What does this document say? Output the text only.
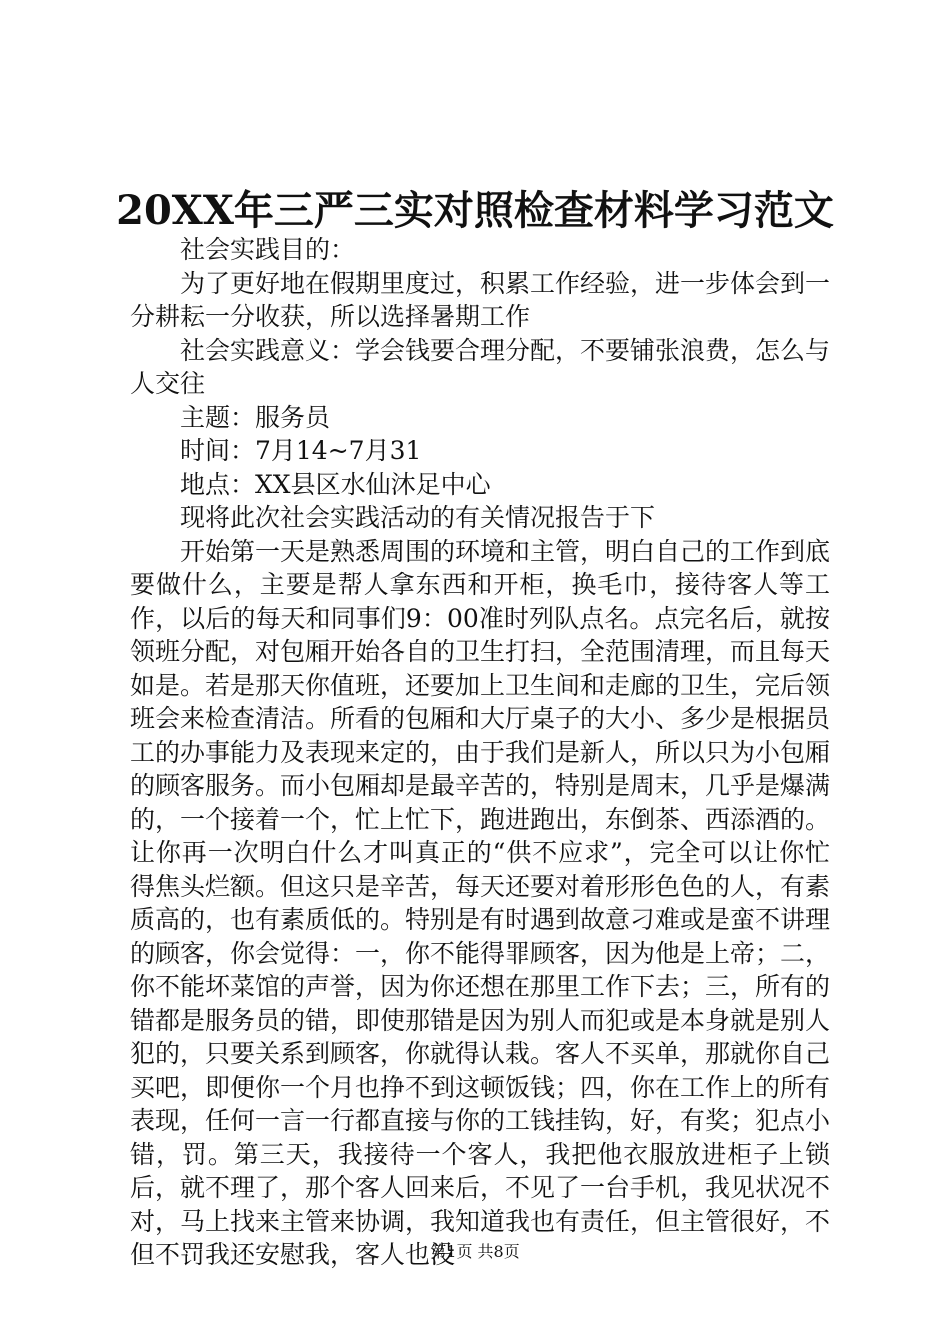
20XX年三严三实对照检查材料学习范文

社会实践目的：

为了更好地在假期里度过，积累工作经验，进一步体会到一分耕耘一分收获，所以选择暑期工作

社会实践意义：学会钱要合理分配，不要铺张浪费，怎么与人交往

主题：服务员

时间：7月14~7月31

地点：XX县区水仙沐足中心

现将此次社会实践活动的有关情况报告于下

开始第一天是熟悉周围的环境和主管，明白自己的工作到底要做什么，主要是帮人拿东西和开柜，换毛巾，接待客人等工作，以后的每天和同事们9：00准时列队点名。点完名后，就按领班分配，对包厢开始各自的卫生打扫，全范围清理，而且每天如是。若是那天你值班，还要加上卫生间和走廊的卫生，完后领班会来检查清洁。所看的包厢和大厅桌子的大小、多少是根据员工的办事能力及表现来定的，由于我们是新人，所以只为小包厢的顾客服务。而小包厢却是最辛苦的，特别是周末，几乎是爆满的，一个接着一个，忙上忙下，跑进跑出，东倒茶、西添酒的。让你再一次明白什么才叫真正的“供不应求”，完全可以让你忙得焦头烂额。但这只是辛苦，每天还要对着形形色色的人，有素质高的，也有素质低的。特别是有时遇到故意刁难或是蛮不讲理的顾客，你会觉得：一，你不能得罪顾客，因为他是上帝；二，你不能坏菜馆的声誉，因为你还想在那里工作下去；三，所有的错都是服务员的错，即使那错是因为别人而犯或是本身就是别人犯的，只要关系到顾客，你就得认栽。客人不买单，那就你自己买吧，即便你一个月也挣不到这顿饭钱；四，你在工作上的所有表现，任何一言一行都直接与你的工钱挂钩，好，有奖；犯点小错，罚。第三天，我接待一个客人，我把他衣服放进柜子上锁后，就不理了，那个客人回来后，不见了一台手机，我见状况不对，马上找来主管来协调，我知道我也有责任，但主管很好，不但不罚我还安慰我，客人也没

第1页 共8页
